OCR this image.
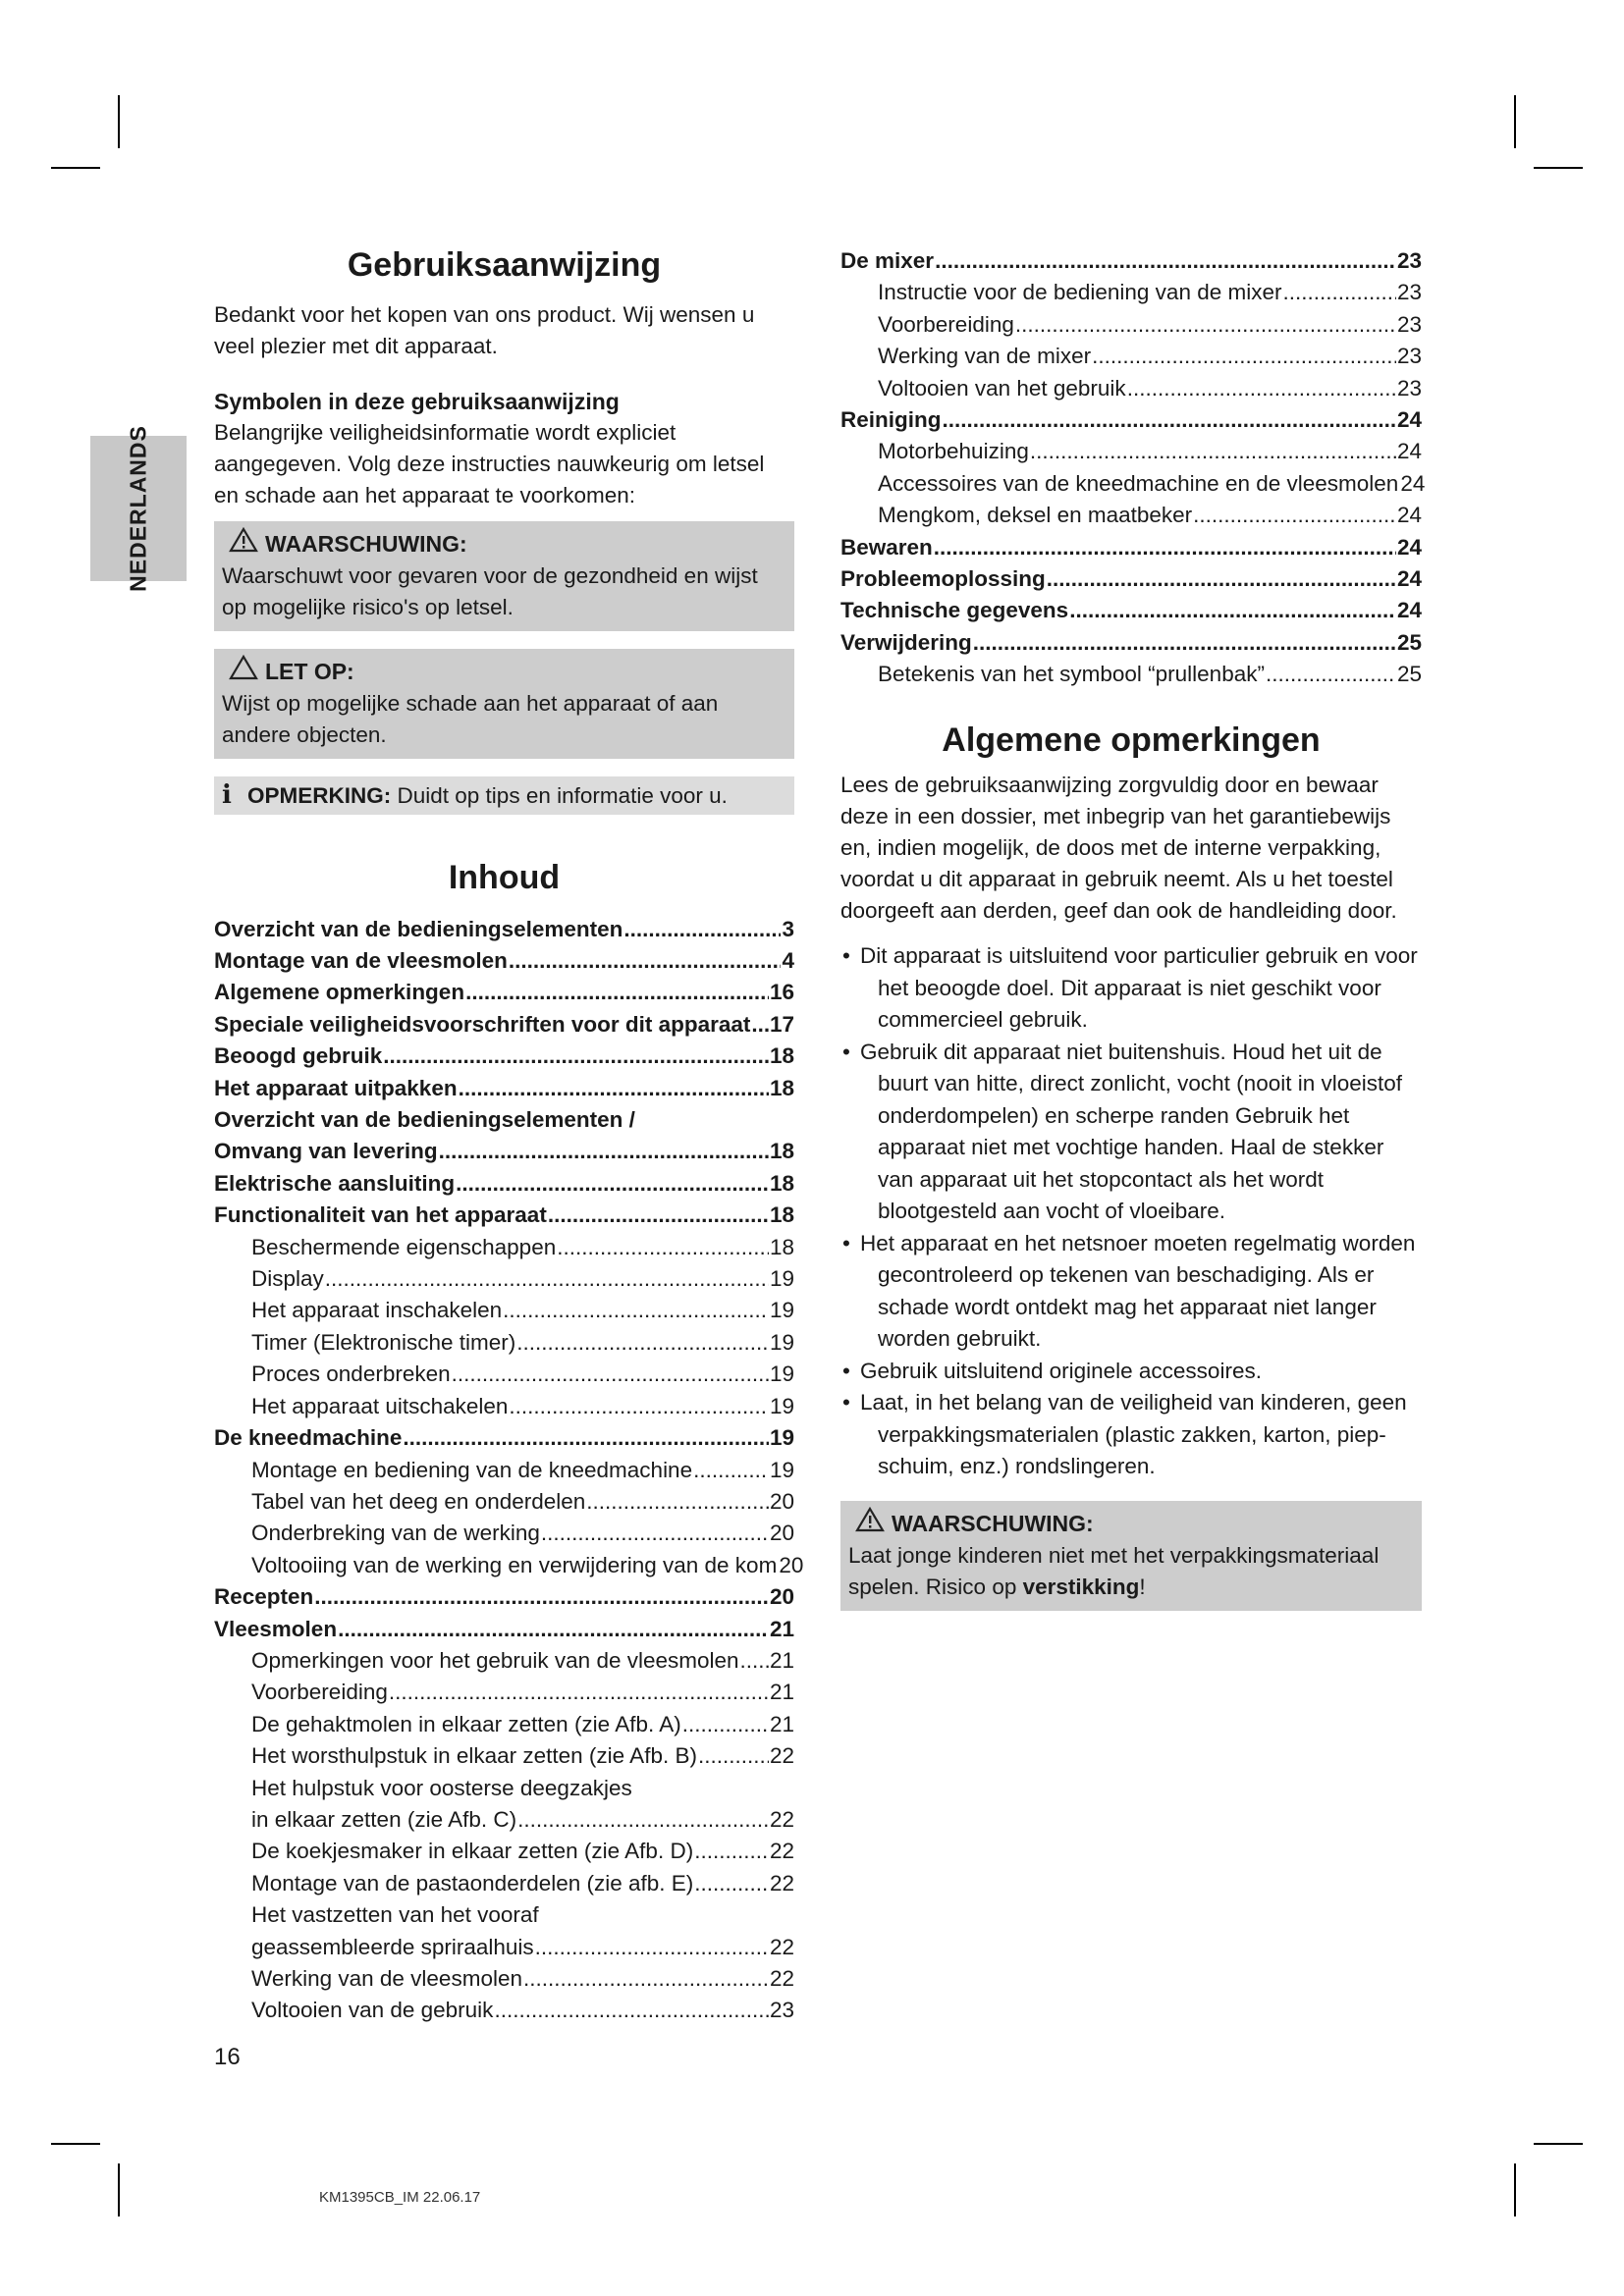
NEDERLANDS
Gebruiksaanwijzing

Bedankt voor het kopen van ons product. Wij wensen u veel plezier met dit apparaat.

Symbolen in deze gebruiksaanwijzing

Belangrijke veiligheidsinformatie wordt expliciet aangegeven. Volg deze instructies nauwkeurig om letsel en schade aan het apparaat te voorkomen:

WAARSCHUWING:
Waarschuwt voor gevaren voor de gezondheid en wijst op mogelijke risico's op letsel.
LET OP:
Wijst op mogelijke schade aan het apparaat of aan andere objecten.
i OPMERKING: Duidt op tips en informatie voor u.
Inhoud
Overzicht van de bedieningselementen .....	3
Montage van de vleesmolen .....	4
Algemene opmerkingen .....	16
Speciale veiligheidsvoorschriften voor dit apparaat ..... 17
Beoogd gebruik .....	18
Het apparaat uitpakken .....	18
Overzicht van de bedieningselementen /
Omvang van levering .....	18
Elektrische aansluiting .....	18
Functionaliteit van het apparaat .....	18
Beschermende eigenschappen .....	18
Display .....	19
Het apparaat inschakelen .....	19
Timer (Elektronische timer) .....	19
Proces onderbreken .....	19
Het apparaat uitschakelen .....	19
De kneedmachine .....	19
Montage en bediening van de kneedmachine .....	19
Tabel van het deeg en onderdelen .....	20
Onderbreking van de werking .....	20
Voltooiing van de werking en verwijdering van de kom 20
Recepten .....	20
Vleesmolen .....	21
Opmerkingen voor het gebruik van de vleesmolen ..... 21
Voorbereiding .....	21
De gehaktmolen in elkaar zetten (zie Afb. A) .....	21
Het worsthulpstuk in elkaar zetten (zie Afb. B) .....	22
Het hulpstuk voor oosterse deegzakjes
in elkaar zetten (zie Afb. C) .....	22
De koekjesmaker in elkaar zetten (zie Afb. D) .....	22
Montage van de pastaonderdelen (zie afb. E) .....	22
Het vastzetten van het vooraf
geassembleerde spriraalhuis .....	22
Werking van de vleesmolen .....	22
Voltooien van de gebruik .....	23
De mixer .....	23
Instructie voor de bediening van de mixer .....	23
Voorbereiding .....	23
Werking van de mixer .....	23
Voltooien van het gebruik .....	23
Reiniging .....	24
Motorbehuizing .....	24
Accessoires van de kneedmachine en de vleesmolen 24
Mengkom, deksel en maatbeker .....	24
Bewaren .....	24
Probleemoplossing .....	24
Technische gegevens .....	24
Verwijdering .....	25
Betekenis van het symbool “prullenbak” .....	25
Algemene opmerkingen

Lees de gebruiksaanwijzing zorgvuldig door en bewaar deze in een dossier, met inbegrip van het garantiebewijs en, indien mogelijk, de doos met de interne verpakking, voordat u dit apparaat in gebruik neemt. Als u het toestel doorgeeft aan derden, geef dan ook de handleiding door.

• Dit apparaat is uitsluitend voor particulier gebruik en voor het beoogde doel. Dit apparaat is niet geschikt voor commercieel gebruik.
• Gebruik dit apparaat niet buitenshuis. Houd het uit de buurt van hitte, direct zonlicht, vocht (nooit in vloeistof onderdompelen) en scherpe randen Gebruik het apparaat niet met vochtige handen. Haal de stekker van apparaat uit het stopcontact als het wordt blootgesteld aan vocht of vloeibare.
• Het apparaat en het netsnoer moeten regelmatig worden gecontroleerd op tekenen van beschadiging. Als er schade wordt ontdekt mag het apparaat niet langer worden gebruikt.
• Gebruik uitsluitend originele accessoires.
• Laat, in het belang van de veiligheid van kinderen, geen verpakkingsmaterialen (plastic zakken, karton, piep-schuim, enz.) rondslingeren.
WAARSCHUWING:
Laat jonge kinderen niet met het verpakkingsmateriaal spelen. Risico op verstikking!
16
KM1395CB_IM 22.06.17
